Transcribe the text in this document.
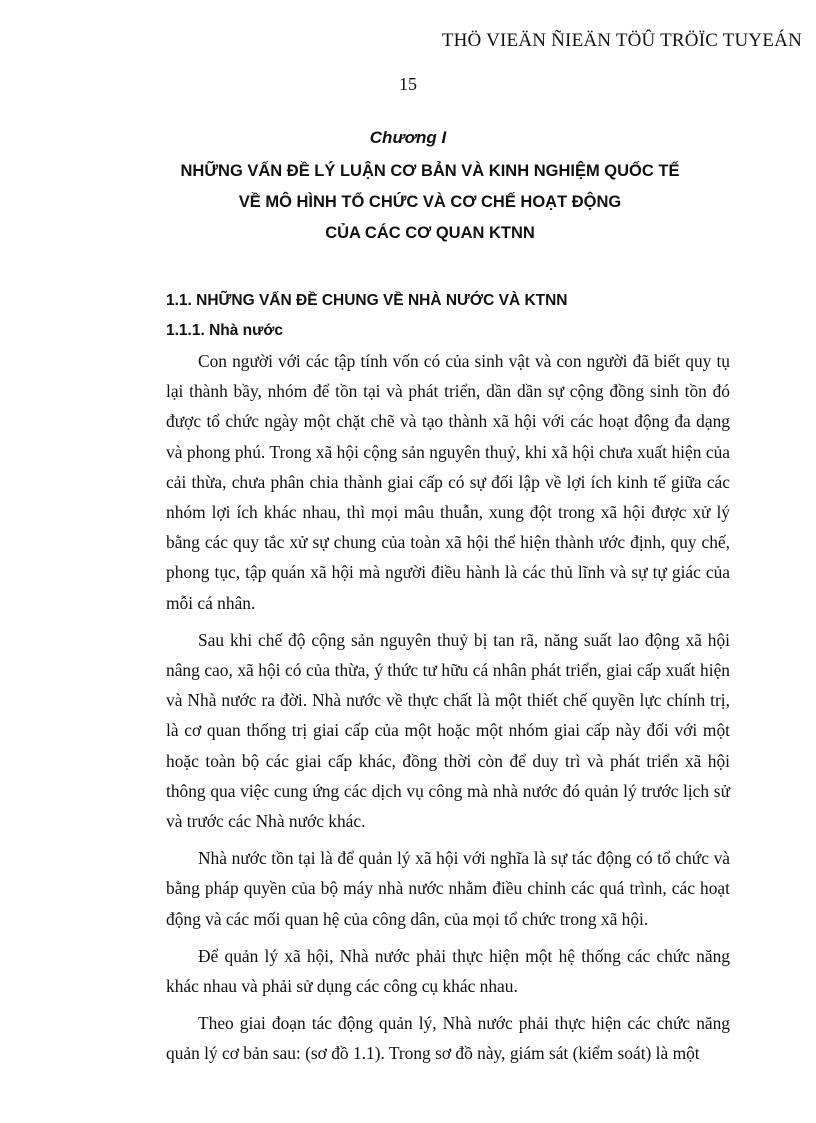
THÖ VIEÄN ÑIEÄN TÖÛ TRÖÏC TUYEÁN
15
Chương I
NHỮNG VẤN ĐỀ LÝ LUẬN CƠ BẢN VÀ KINH NGHIỆM QUỐC TẾ
VỀ MÔ HÌNH TỔ CHỨC VÀ CƠ CHẾ HOẠT ĐỘNG
CỦA CÁC CƠ QUAN KTNN
1.1. NHỮNG VẤN ĐỀ CHUNG VỀ NHÀ NƯỚC VÀ KTNN
1.1.1. Nhà nước

Con người với các tập tính vốn có của sinh vật và con người đã biết quy tụ lại thành bầy, nhóm để tồn tại và phát triển, dần dần sự cộng đồng sinh tồn đó được tổ chức ngày một chặt chẽ và tạo thành xã hội với các hoạt động đa dạng và phong phú. Trong xã hội cộng sản nguyên thuỷ, khi xã hội chưa xuất hiện của cải thừa, chưa phân chia thành giai cấp có sự đối lập về lợi ích kinh tế giữa các nhóm lợi ích khác nhau, thì mọi mâu thuẫn, xung đột trong xã hội được xử lý bằng các quy tắc xử sự chung của toàn xã hội thể hiện thành ước định, quy chế, phong tục, tập quán xã hội mà người điều hành là các thủ lĩnh và sự tự giác của mỗi cá nhân.

Sau khi chế độ cộng sản nguyên thuỷ bị tan rã, năng suất lao động xã hội nâng cao, xã hội có của thừa, ý thức tư hữu cá nhân phát triển, giai cấp xuất hiện và Nhà nước ra đời. Nhà nước về thực chất là một thiết chế quyền lực chính trị, là cơ quan thống trị giai cấp của một hoặc một nhóm giai cấp này đối với một hoặc toàn bộ các giai cấp khác, đồng thời còn để duy trì và phát triển xã hội thông qua việc cung ứng các dịch vụ công mà nhà nước đó quản lý trước lịch sử và trước các Nhà nước khác.

Nhà nước tồn tại là để quản lý xã hội với nghĩa là sự tác động có tổ chức và bằng pháp quyền của bộ máy nhà nước nhằm điều chỉnh các quá trình, các hoạt động và các mối quan hệ của công dân, của mọi tổ chức trong xã hội.

Để quản lý xã hội, Nhà nước phải thực hiện một hệ thống các chức năng khác nhau và phải sử dụng các công cụ khác nhau.

Theo giai đoạn tác động quản lý, Nhà nước phải thực hiện các chức năng quản lý cơ bản sau: (sơ đồ 1.1). Trong sơ đồ này, giám sát (kiểm soát) là một
